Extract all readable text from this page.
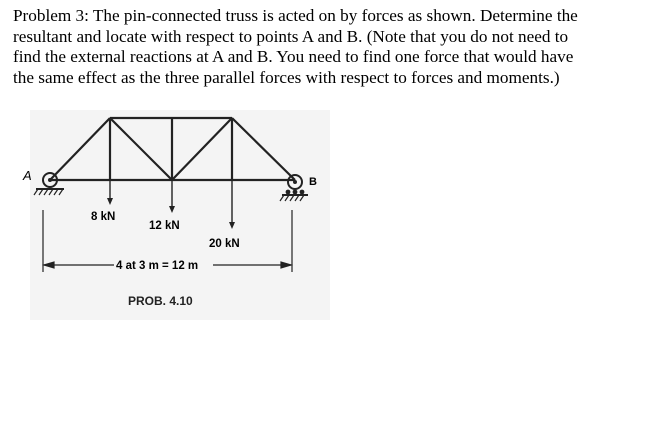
Problem 3: The pin-connected truss is acted on by forces as shown. Determine the
resultant and locate with respect to points A and B. (Note that you do not need to
find the external reactions at A and B. You need to find one force that would have
the same effect as the three parallel forces with respect to forces and moments.)
A	B
8 kN
12 kN
20 kN
4 at 3 m = 12 m
PROB. 4.10
